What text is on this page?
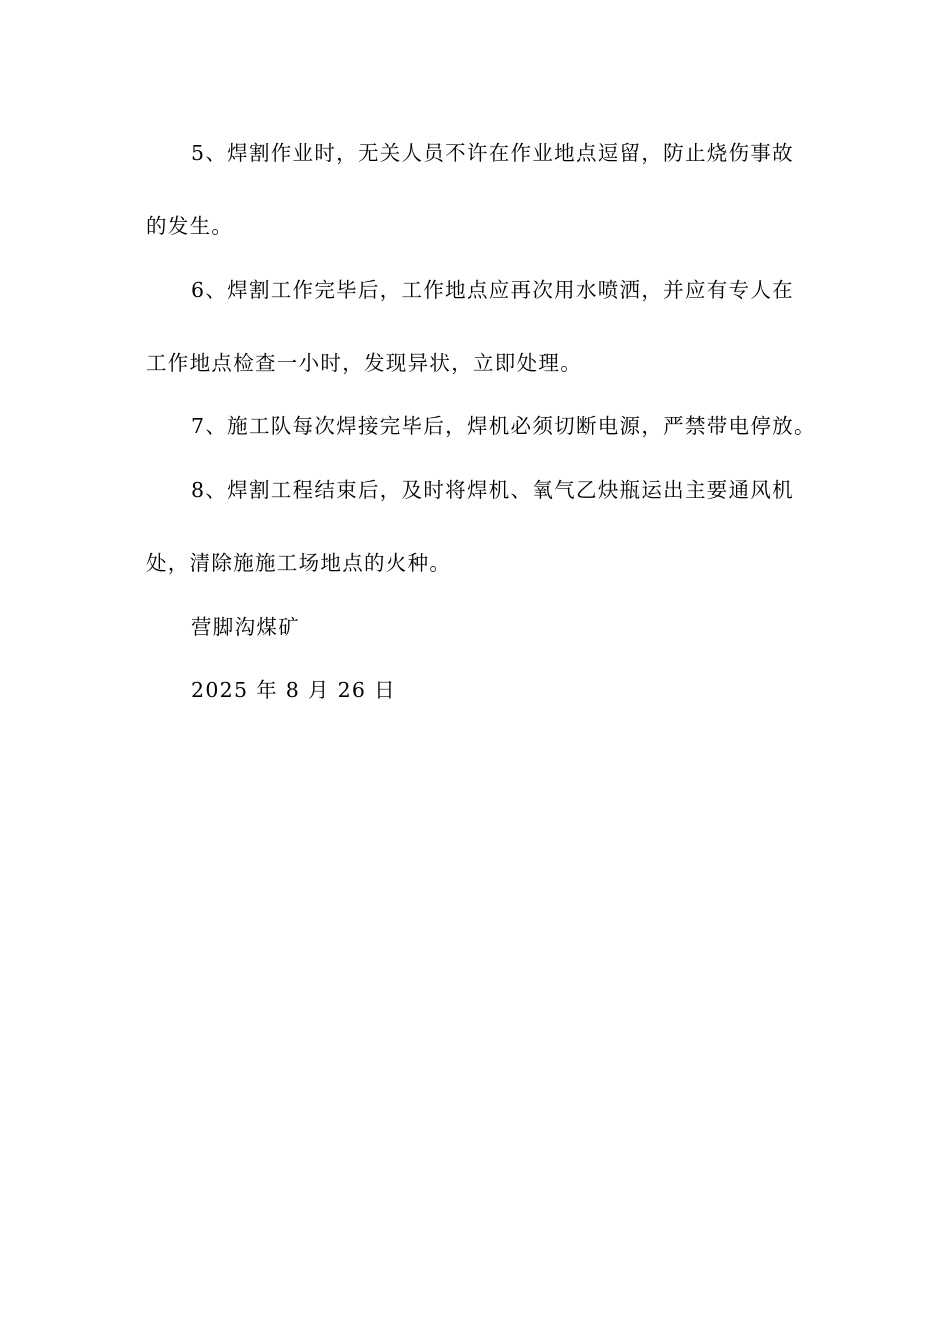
5、焊割作业时，无关人员不许在作业地点逗留，防止烧伤事故
的发生。
6、焊割工作完毕后，工作地点应再次用水喷洒，并应有专人在
工作地点检查一小时，发现异状，立即处理。
7、施工队每次焊接完毕后，焊机必须切断电源，严禁带电停放。
8、焊割工程结束后，及时将焊机、氧气乙炔瓶运出主要通风机
处，清除施施工场地点的火种。
营脚沟煤矿
2025 年 8 月 26 日
